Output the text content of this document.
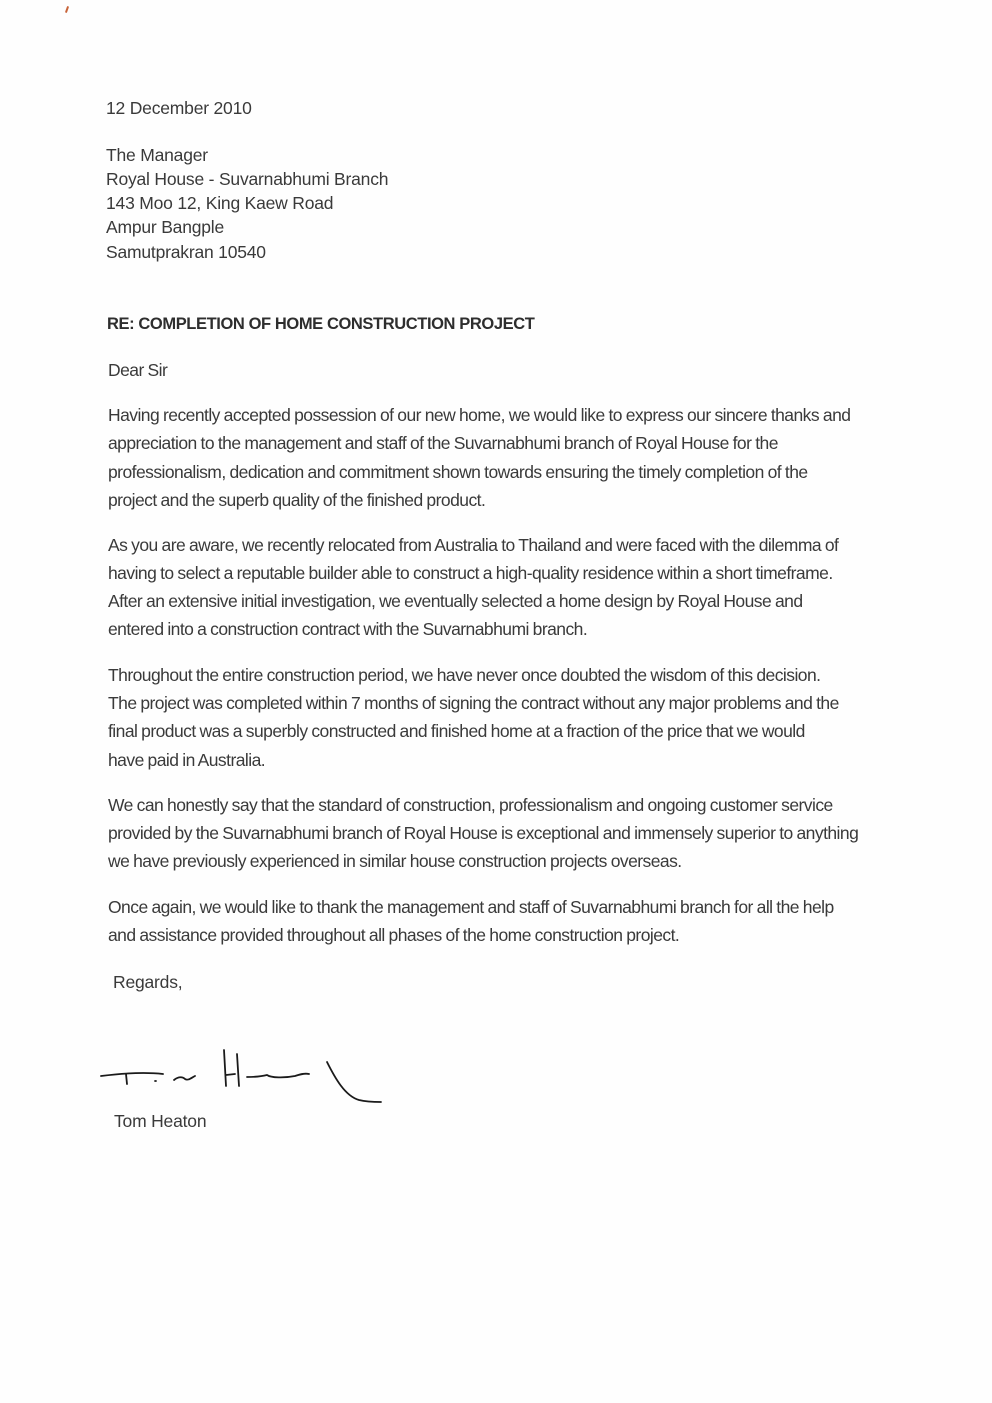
12 December 2010
The Manager
Royal House - Suvarnabhumi Branch
143 Moo 12, King Kaew Road
Ampur Bangple
Samutprakran 10540
RE: COMPLETION OF HOME CONSTRUCTION PROJECT
Dear Sir
Having recently accepted possession of our new home, we would like to express our sincere thanks and
appreciation to the management and staff of the Suvarnabhumi branch of Royal House for the
professionalism, dedication and commitment shown towards ensuring the timely completion of the
project and the superb quality of the finished product.
As you are aware, we recently relocated from Australia to Thailand and were faced with the dilemma of
having to select a reputable builder able to construct a high-quality residence within a short timeframe.
After an extensive initial investigation, we eventually selected a home design by Royal House and
entered into a construction contract with the Suvarnabhumi branch.
Throughout the entire construction period, we have never once doubted the wisdom of this decision.
The project was completed within 7 months of signing the contract without any major problems and the
final product was a superbly constructed and finished home at a fraction of the price that we would
have paid in Australia.
We can honestly say that the standard of construction, professionalism and ongoing customer service
provided by the Suvarnabhumi branch of Royal House is exceptional and immensely superior to anything
we have previously experienced in similar house construction projects overseas.
Once again, we would like to thank the management and staff of Suvarnabhumi branch for all the help
and assistance provided throughout all phases of the home construction project.
Regards,
Tom Heaton
